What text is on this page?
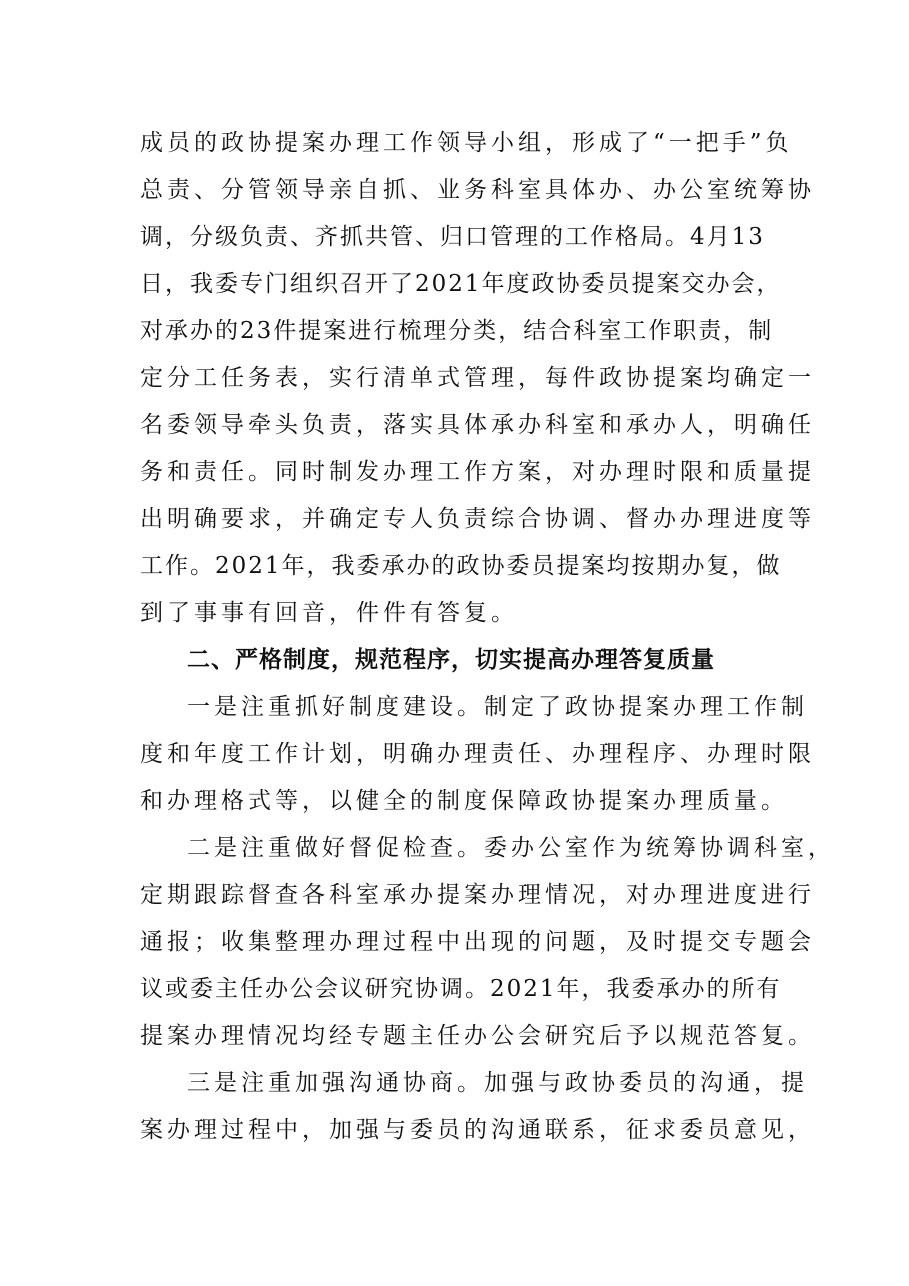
成员的政协提案办理工作领导小组，形成了“一把手”负
总责、分管领导亲自抓、业务科室具体办、办公室统筹协
调，分级负责、齐抓共管、归口管理的工作格局。4月13
日，我委专门组织召开了2021年度政协委员提案交办会，
对承办的23件提案进行梳理分类，结合科室工作职责，制
定分工任务表，实行清单式管理，每件政协提案均确定一
名委领导牵头负责，落实具体承办科室和承办人，明确任
务和责任。同时制发办理工作方案，对办理时限和质量提
出明确要求，并确定专人负责综合协调、督办办理进度等
工作。2021年，我委承办的政协委员提案均按期办复，做
到了事事有回音，件件有答复。
二、严格制度，规范程序，切实提高办理答复质量
一是注重抓好制度建设。制定了政协提案办理工作制
度和年度工作计划，明确办理责任、办理程序、办理时限
和办理格式等，以健全的制度保障政协提案办理质量。
二是注重做好督促检查。委办公室作为统筹协调科室，
定期跟踪督查各科室承办提案办理情况，对办理进度进行
通报；收集整理办理过程中出现的问题，及时提交专题会
议或委主任办公会议研究协调。2021年，我委承办的所有
提案办理情况均经专题主任办公会研究后予以规范答复。
三是注重加强沟通协商。加强与政协委员的沟通，提
案办理过程中，加强与委员的沟通联系，征求委员意见，
